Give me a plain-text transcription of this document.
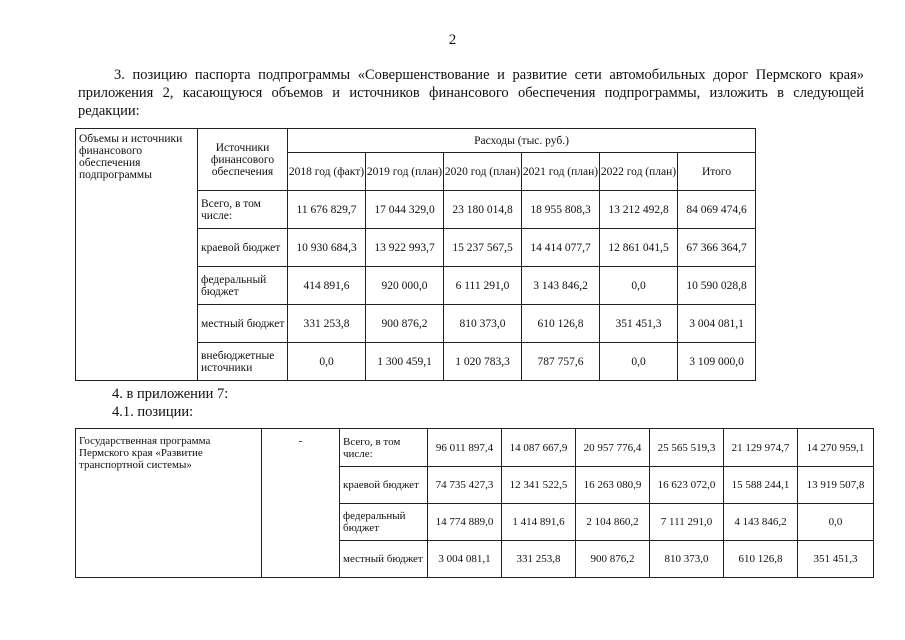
2
3. позицию паспорта подпрограммы «Совершенствование и развитие сети автомобильных дорог Пермского края» приложения 2, касающуюся объемов и источников финансового обеспечения подпрограммы, изложить в следующей редакции:
Объемы и источники финансового обеспечения подпрограммы	Источники финансового обеспечения	Расходы (тыс. руб.)					
		2018 год (факт)	2019 год (план)	2020 год (план)	2021 год (план)	2022 год (план)	Итого
	Всего, в том числе:	11 676 829,7	17 044 329,0	23 180 014,8	18 955 808,3	13 212 492,8	84 069 474,6
	краевой бюджет	10 930 684,3	13 922 993,7	15 237 567,5	14 414 077,7	12 861 041,5	67 366 364,7
	федеральный бюджет	414 891,6	920 000,0	6 111 291,0	3 143 846,2	0,0	10 590 028,8
	местный бюджет	331 253,8	900 876,2	810 373,0	610 126,8	351 451,3	3 004 081,1
	внебюджетные источники	0,0	1 300 459,1	1 020 783,3	787 757,6	0,0	3 109 000,0
4. в приложении 7:
4.1. позиции:
Государственная программа Пермского края «Развитие транспортной системы»	-	Всего, в том числе:	96 011 897,4	14 087 667,9	20 957 776,4	25 565 519,3	21 129 974,7	14 270 959,1
		краевой бюджет	74 735 427,3	12 341 522,5	16 263 080,9	16 623 072,0	15 588 244,1	13 919 507,8
		федеральный бюджет	14 774 889,0	1 414 891,6	2 104 860,2	7 111 291,0	4 143 846,2	0,0
		местный бюджет	3 004 081,1	331 253,8	900 876,2	810 373,0	610 126,8	351 451,3
